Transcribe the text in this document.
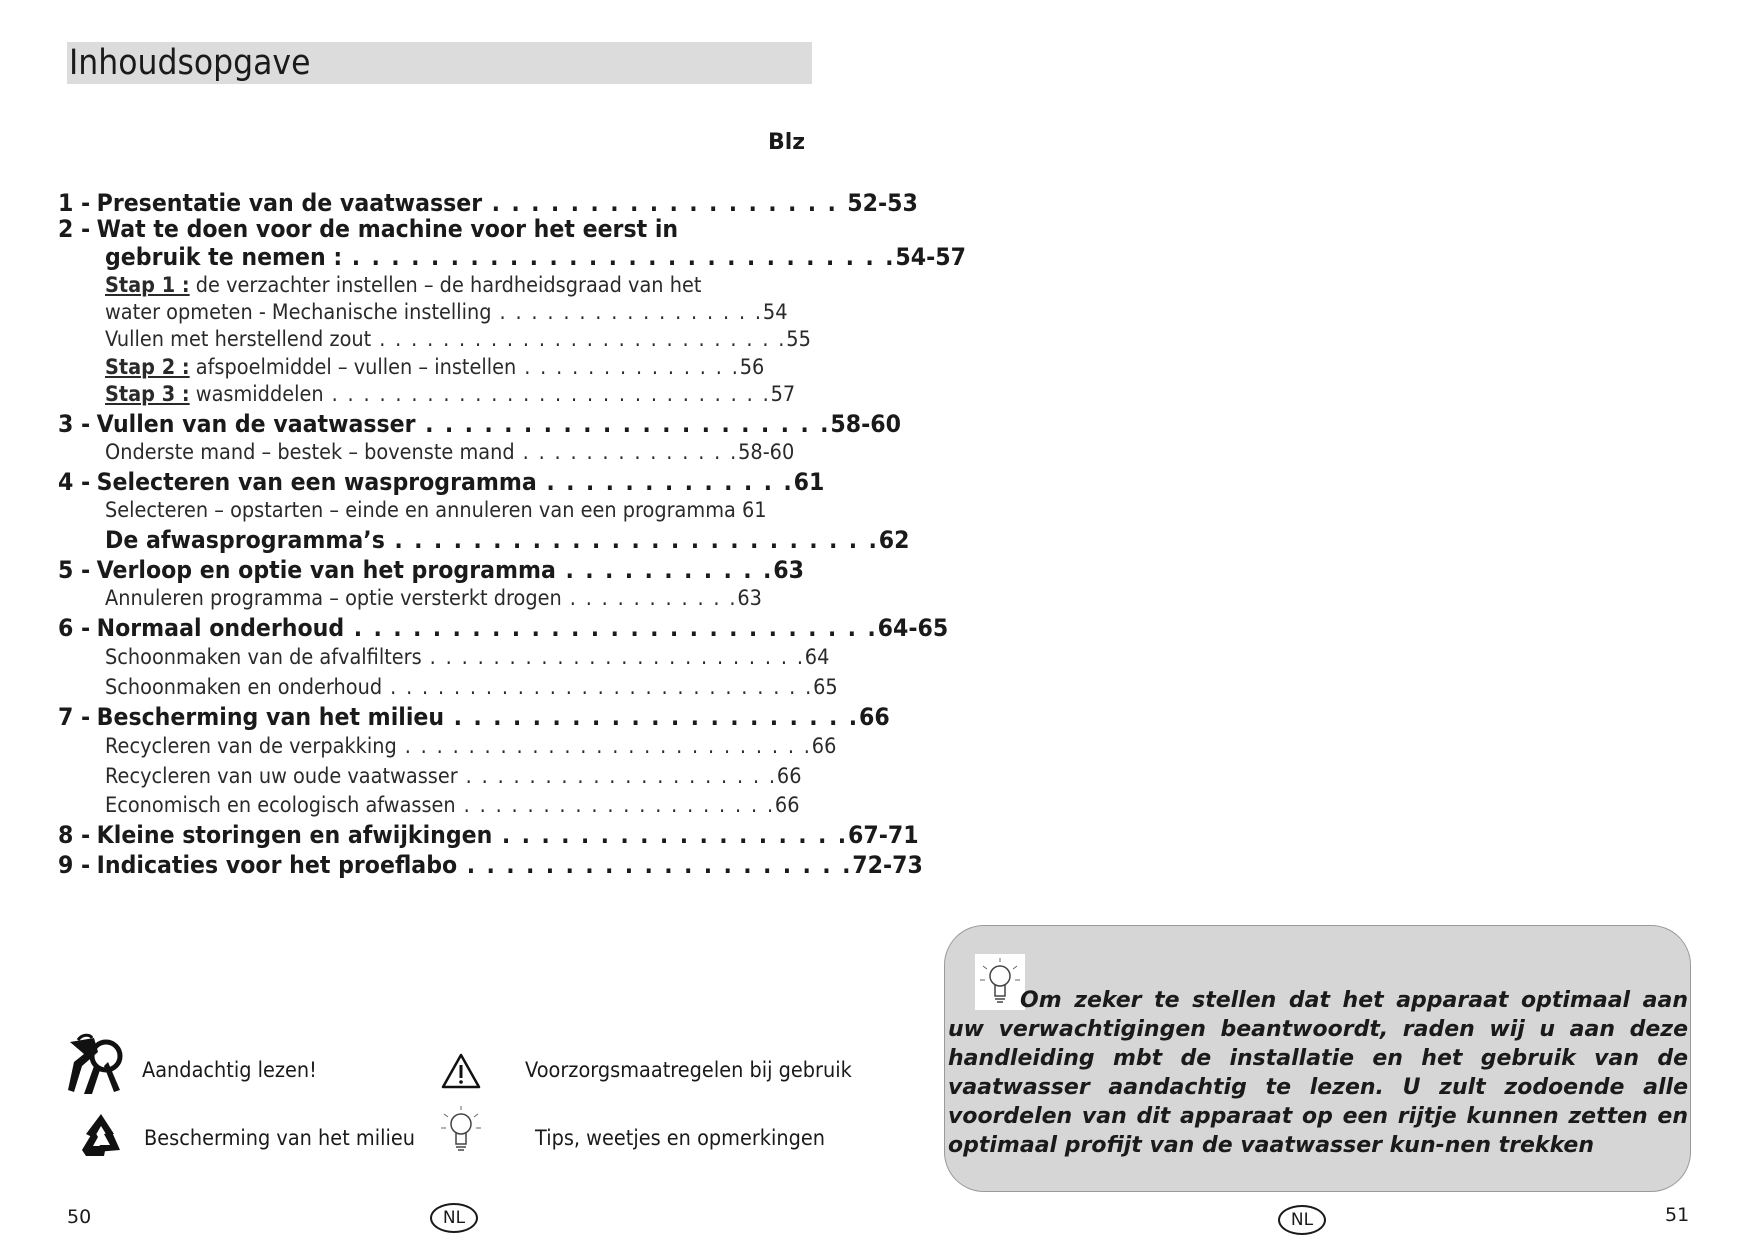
Inhoudsopgave
Blz
1 - Presentatie van de vaatwasser . . . . . . . . . . . . . . . . . . 52-53
2 - Wat te doen voor de machine voor het eerst in
gebruik te nemen : . . . . . . . . . . . . . . . . . . . . . . . . . . . .54-57
Stap 1 : de verzachter instellen – de hardheidsgraad van het
water opmeten - Mechanische instelling . . . . . . . . . . . . . . . . .54
Vullen met herstellend zout . . . . . . . . . . . . . . . . . . . . . . . . . .55
Stap 2 : afspoelmiddel – vullen – instellen . . . . . . . . . . . . . .56
Stap 3 : wasmiddelen . . . . . . . . . . . . . . . . . . . . . . . . . . . .57
3 - Vullen van de vaatwasser . . . . . . . . . . . . . . . . . . . . .58-60
Onderste mand – bestek – bovenste mand . . . . . . . . . . . . . .58-60
4 - Selecteren van een wasprogramma . . . . . . . . . . . . .61
Selecteren – opstarten – einde en annuleren van een programma 61
De afwasprogramma’s . . . . . . . . . . . . . . . . . . . . . . . . .62
5 - Verloop en optie van het programma . . . . . . . . . . .63
Annuleren programma – optie versterkt drogen . . . . . . . . . . .63
6 - Normaal onderhoud . . . . . . . . . . . . . . . . . . . . . . . . . . .64-65
Schoonmaken van de afvalfilters . . . . . . . . . . . . . . . . . . . . . . . .64
Schoonmaken en onderhoud . . . . . . . . . . . . . . . . . . . . . . . . . . .65
7 - Bescherming van het milieu . . . . . . . . . . . . . . . . . . . . .66
Recycleren van de verpakking . . . . . . . . . . . . . . . . . . . . . . . . . .66
Recycleren van uw oude vaatwasser . . . . . . . . . . . . . . . . . . . .66
Economisch en ecologisch afwassen . . . . . . . . . . . . . . . . . . . .66
8 - Kleine storingen en afwijkingen . . . . . . . . . . . . . . . . . .67-71
9 - Indicaties voor het proeflabo . . . . . . . . . . . . . . . . . . . .72-73
Aandachtig lezen!	Voorzorgsmaatregelen bij gebruik
Bescherming van het milieu	Tips, weetjes en opmerkingen
Om zeker te stellen dat het apparaat optimaal aan uw verwachtigingen beantwoordt, raden wij u aan deze handleiding mbt de installatie en het gebruik van de vaatwasser aandachtig te lezen. U zult zodoende alle voordelen van dit apparaat op een rijtje kunnen zetten en optimaal profijt van de vaatwasser kun-nen trekken
50	NL	NL	51
